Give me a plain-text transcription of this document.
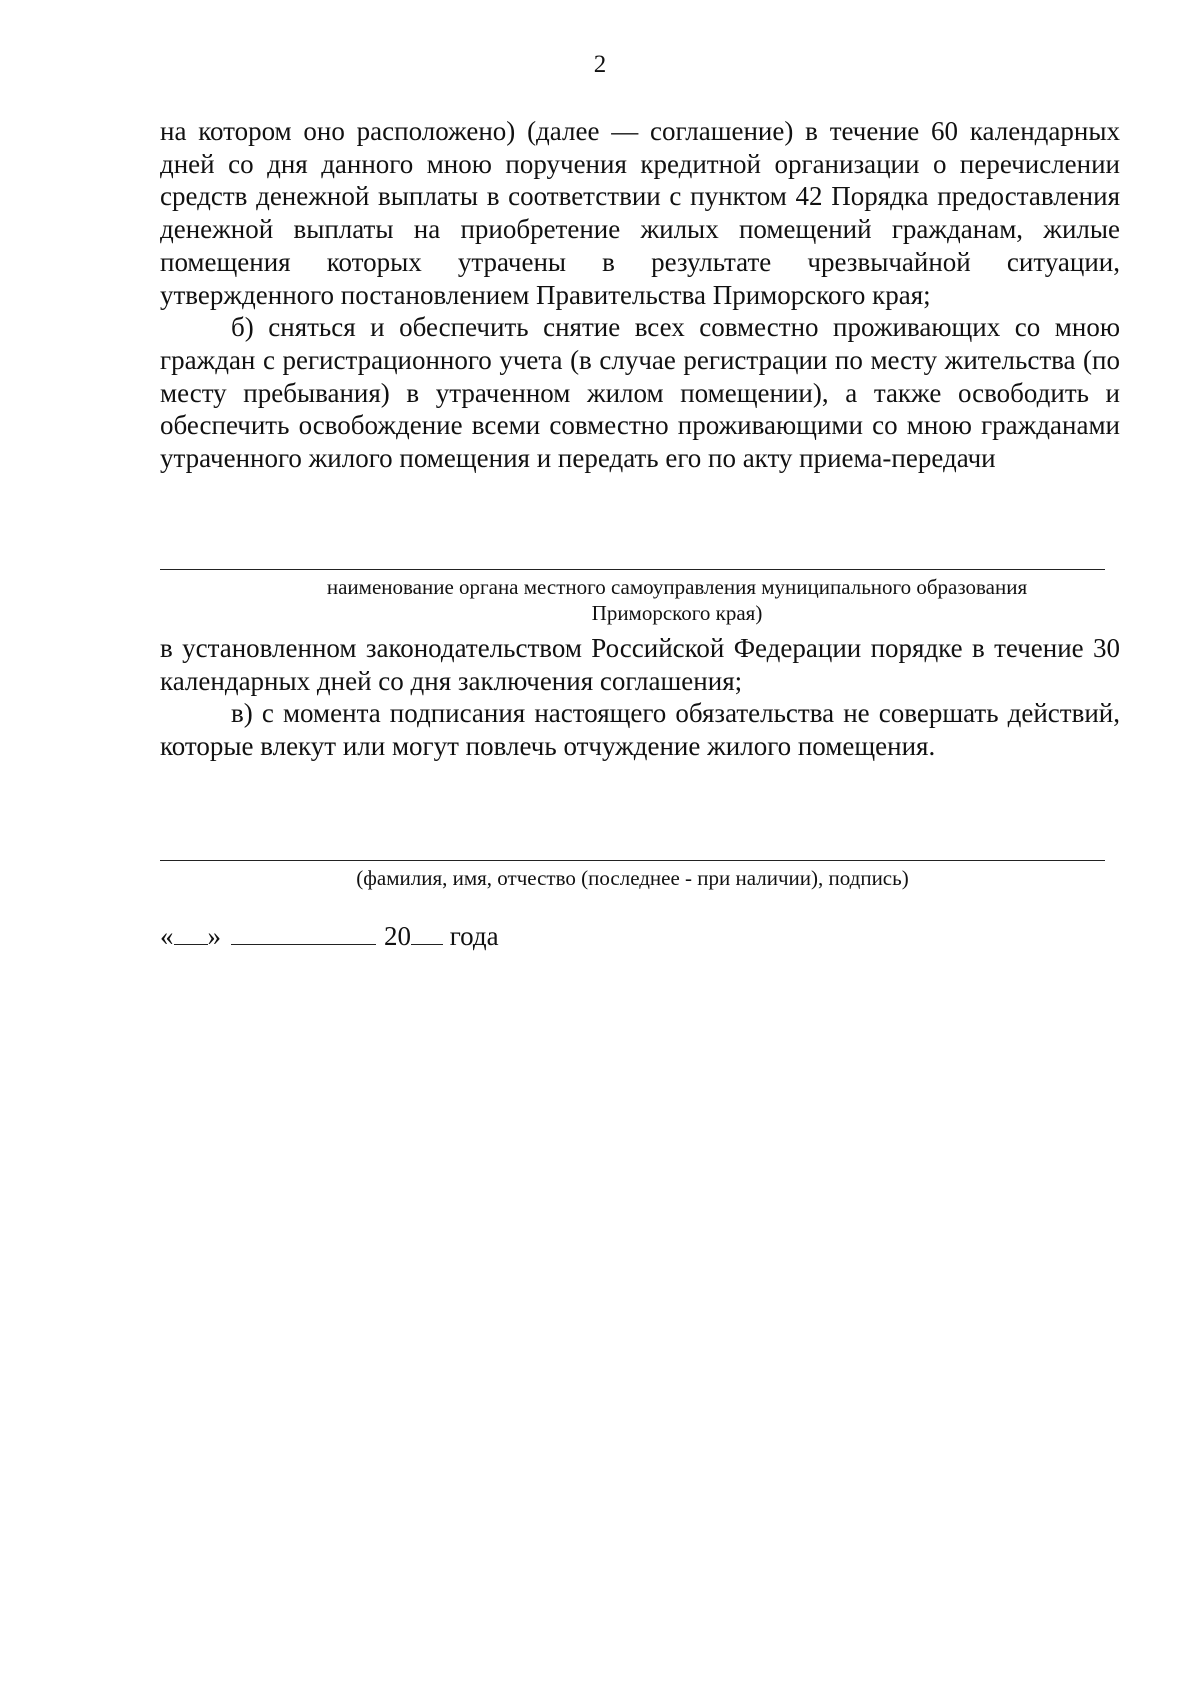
2

на котором оно расположено) (далее — соглашение) в течение 60 календарных дней со дня данного мною поручения кредитной организации о перечислении средств денежной выплаты в соответствии с пунктом 42 Порядка предоставления денежной выплаты на приобретение жилых помещений гражданам, жилые помещения которых утрачены в результате чрезвычайной ситуации, утвержденного постановлением Правительства Приморского края;

б) сняться и обеспечить снятие всех совместно проживающих со мною граждан с регистрационного учета (в случае регистрации по месту жительства (по месту пребывания) в утраченном жилом помещении), а также освободить и обеспечить освобождение всеми совместно проживающими со мною гражданами утраченного жилого помещения и передать его по акту приема-передачи

наименование органа местного самоуправления муниципального образования
Приморского края)

в установленном законодательством Российской Федерации порядке в течение 30 календарных дней со дня заключения соглашения;

в) с момента подписания настоящего обязательства не совершать действий, которые влекут или могут повлечь отчуждение жилого помещения.

(фамилия, имя, отчество (последнее - при наличии), подпись)
« »	20 года
